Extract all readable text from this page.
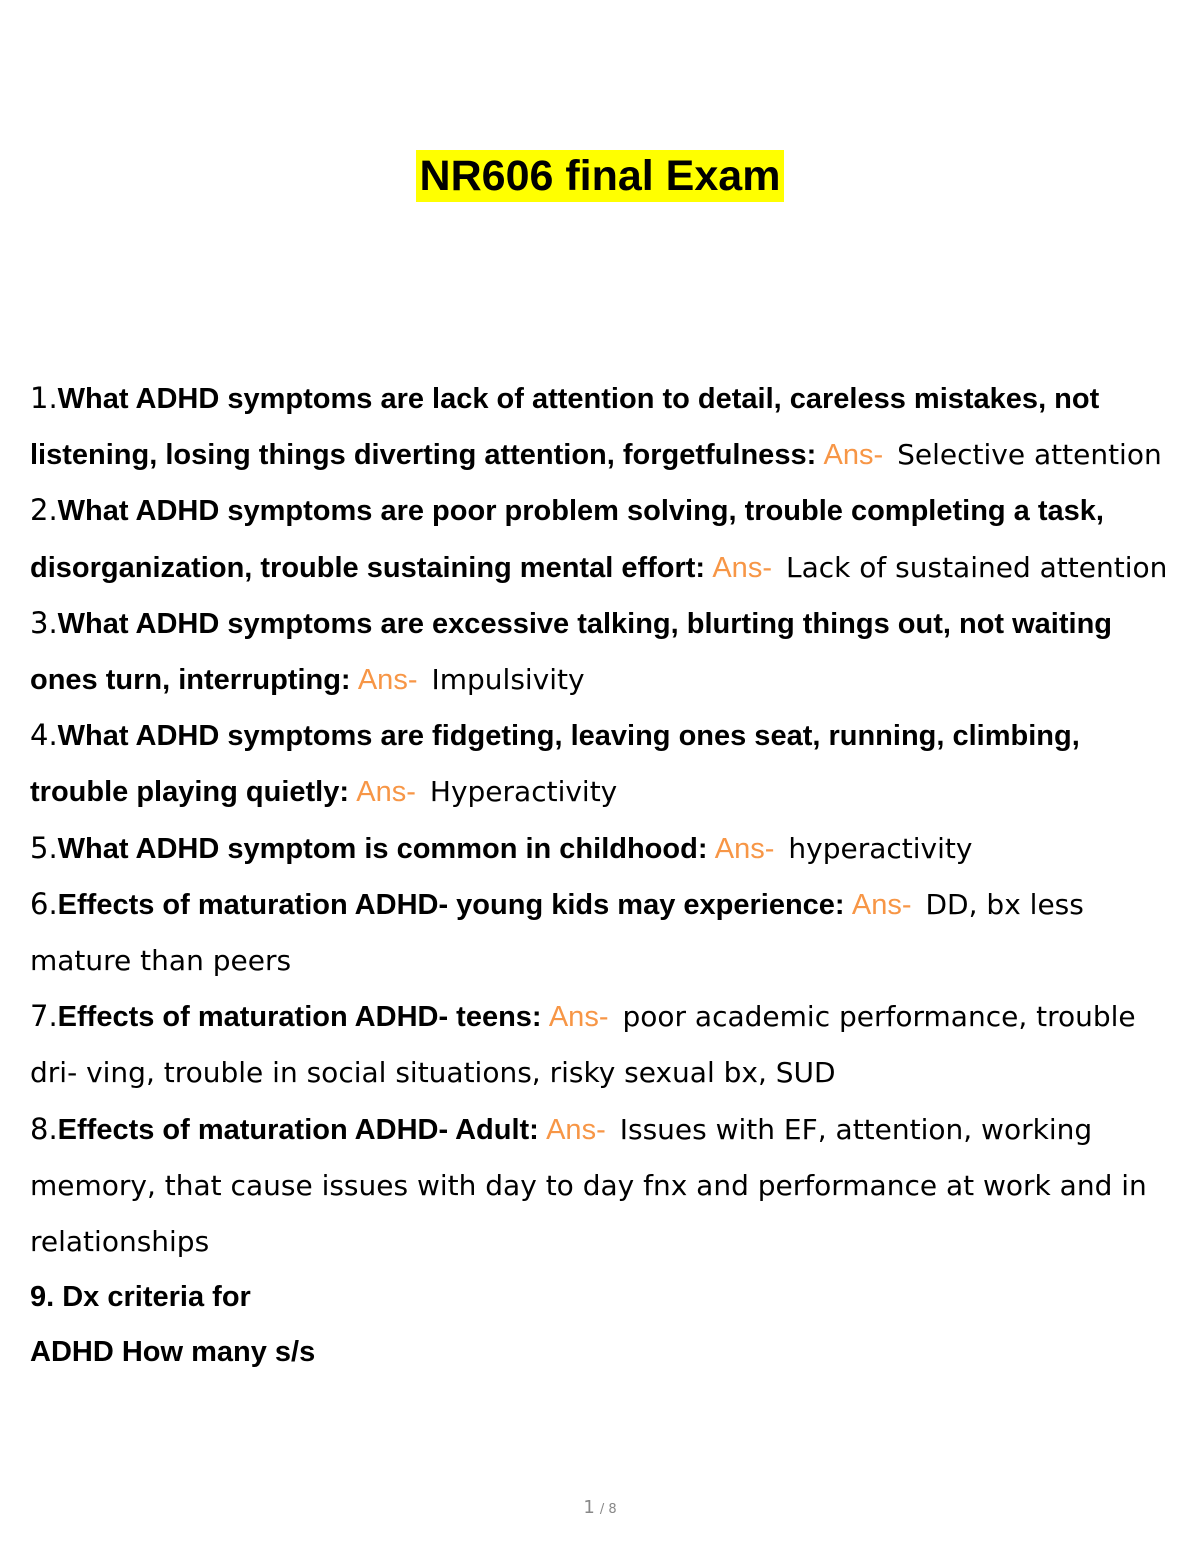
NR606 final Exam
1.What ADHD symptoms are lack of attention to detail, careless mistakes, not listening, losing things diverting attention, forgetfulness: Ans- Selective attention
2.What ADHD symptoms are poor problem solving, trouble completing a task, disorganization, trouble sustaining mental effort: Ans- Lack of sustained attention
3.What ADHD symptoms are excessive talking, blurting things out, not waiting ones turn, interrupting: Ans- Impulsivity
4.What ADHD symptoms are fidgeting, leaving ones seat, running, climbing, trouble playing quietly: Ans- Hyperactivity
5.What ADHD symptom is common in childhood: Ans- hyperactivity
6.Effects of maturation ADHD- young kids may experience: Ans- DD, bx less mature than peers
7.Effects of maturation ADHD- teens: Ans- poor academic performance, trouble dri- ving, trouble in social situations, risky sexual bx, SUD
8.Effects of maturation ADHD- Adult: Ans- Issues with EF, attention, working memory, that cause issues with day to day fnx and performance at work and in relationships
9. Dx criteria for
ADHD How many s/s
1 / 8
